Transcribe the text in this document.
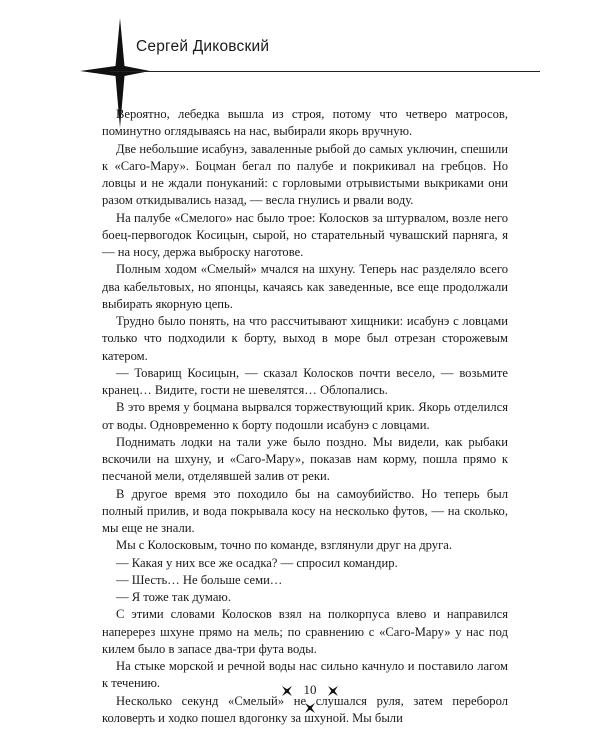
Сергей Диковский

Вероятно, лебедка вышла из строя, потому что четверо матросов, поминутно оглядываясь на нас, выбирали якорь вручную.

Две небольшие исабунэ, заваленные рыбой до самых уключин, спешили к «Саго-Мару». Боцман бегал по палубе и покрикивал на гребцов. Но ловцы и не ждали понуканий: с горловыми отрывистыми выкриками они разом откидывались назад, — весла гнулись и рвали воду.

На палубе «Смелого» нас было трое: Колосков за штурвалом, возле него боец-первогодок Косицын, сырой, но старательный чувашский парняга, я — на носу, держа выброску наготове.

Полным ходом «Смелый» мчался на шхуну. Теперь нас разделяло всего два кабельтовых, но японцы, качаясь как заведенные, все еще продолжали выбирать якорную цепь.

Трудно было понять, на что рассчитывают хищники: исабунэ с ловцами только что подходили к борту, выход в море был отрезан сторожевым катером.

— Товарищ Косицын, — сказал Колосков почти весело, — возьмите кранец… Видите, гости не шевелятся… Облопались.

В это время у боцмана вырвался торжествующий крик. Якорь отделился от воды. Одновременно к борту подошли исабунэ с ловцами.

Поднимать лодки на тали уже было поздно. Мы видели, как рыбаки вскочили на шхуну, и «Саго-Мару», показав нам корму, пошла прямо к песчаной мели, отделявшей залив от реки.

В другое время это походило бы на самоубийство. Но теперь был полный прилив, и вода покрывала косу на несколько футов, — на сколько, мы еще не знали.

Мы с Колосковым, точно по команде, взглянули друг на друга.

— Какая у них все же осадка? — спросил командир.

— Шесть… Не больше семи…

— Я тоже так думаю.

С этими словами Колосков взял на полкорпуса влево и направился наперерез шхуне прямо на мель; по сравнению с «Саго-Мару» у нас под килем было в запасе два-три фута воды.

На стыке морской и речной воды нас сильно качнуло и поставило лагом к течению.

Несколько секунд «Смелый» не слушался руля, затем переборол коловерть и ходко пошел вдогонку за шхуной. Мы были

10
